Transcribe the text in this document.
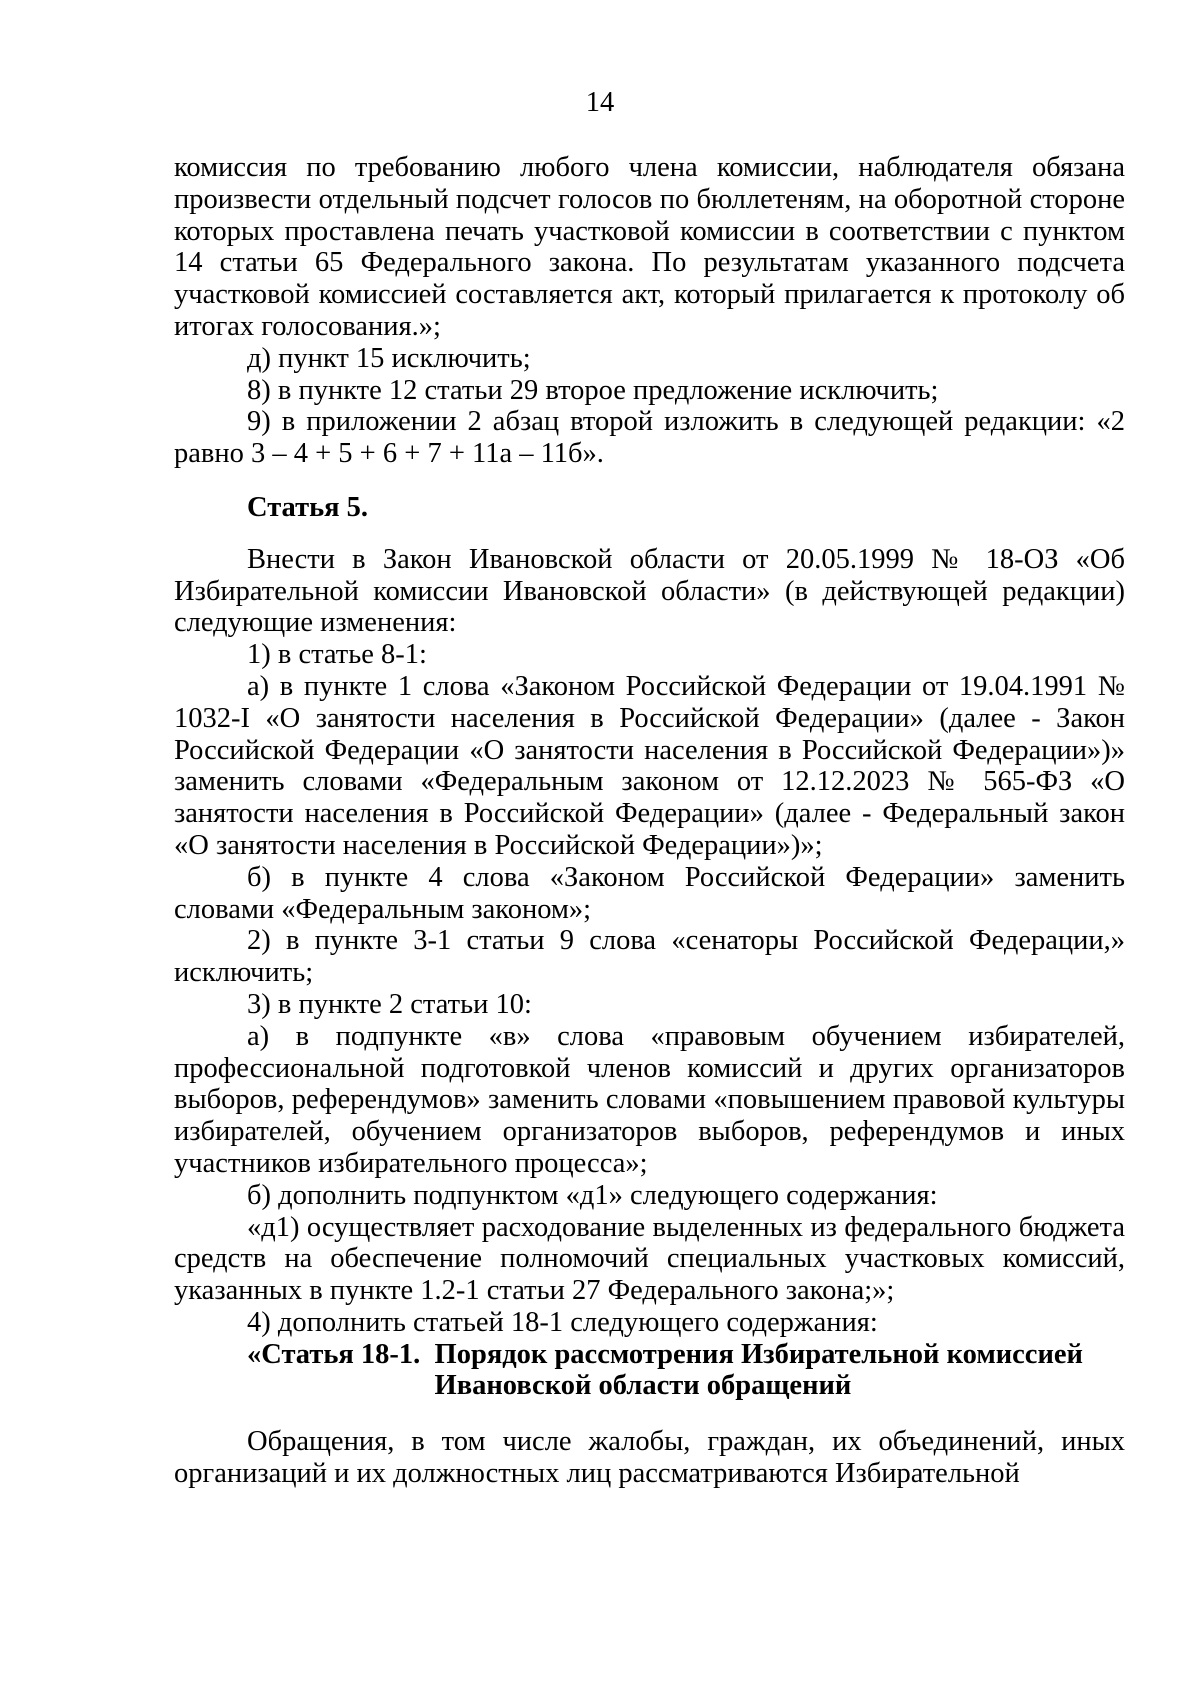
14

комиссия по требованию любого члена комиссии, наблюдателя обязана произвести отдельный подсчет голосов по бюллетеням, на оборотной стороне которых проставлена печать участковой комиссии в соответствии с пунктом 14 статьи 65 Федерального закона. По результатам указанного подсчета участковой комиссией составляется акт, который прилагается к протоколу об итогах голосования.»;

д) пункт 15 исключить;

8) в пункте 12 статьи 29 второе предложение исключить;

9) в приложении 2 абзац второй изложить в следующей редакции: «2 равно 3 – 4 + 5 + 6 + 7 + 11а – 11б».

Статья 5.

Внести в Закон Ивановской области от 20.05.1999 № 18-ОЗ «Об Избирательной комиссии Ивановской области» (в действующей редакции) следующие изменения:

1) в статье 8-1:

а) в пункте 1 слова «Законом Российской Федерации от 19.04.1991 № 1032-I «О занятости населения в Российской Федерации» (далее - Закон Российской Федерации «О занятости населения в Российской Федерации»)» заменить словами «Федеральным законом от 12.12.2023 № 565-ФЗ «О занятости населения в Российской Федерации» (далее - Федеральный закон «О занятости населения в Российской Федерации»)»;

б) в пункте 4 слова «Законом Российской Федерации» заменить словами «Федеральным законом»;

2) в пункте 3-1 статьи 9 слова «сенаторы Российской Федерации,» исключить;

3) в пункте 2 статьи 10:

а) в подпункте «в» слова «правовым обучением избирателей, профессиональной подготовкой членов комиссий и других организаторов выборов, референдумов» заменить словами «повышением правовой культуры избирателей, обучением организаторов выборов, референдумов и иных участников избирательного процесса»;

б) дополнить подпунктом «д1» следующего содержания:

«д1) осуществляет расходование выделенных из федерального бюджета средств на обеспечение полномочий специальных участковых комиссий, указанных в пункте 1.2-1 статьи 27 Федерального закона;»;

4) дополнить статьей 18-1 следующего содержания:

«Статья 18-1. Порядок рассмотрения Избирательной комиссией
Ивановской области обращений

Обращения, в том числе жалобы, граждан, их объединений, иных организаций и их должностных лиц рассматриваются Избирательной
